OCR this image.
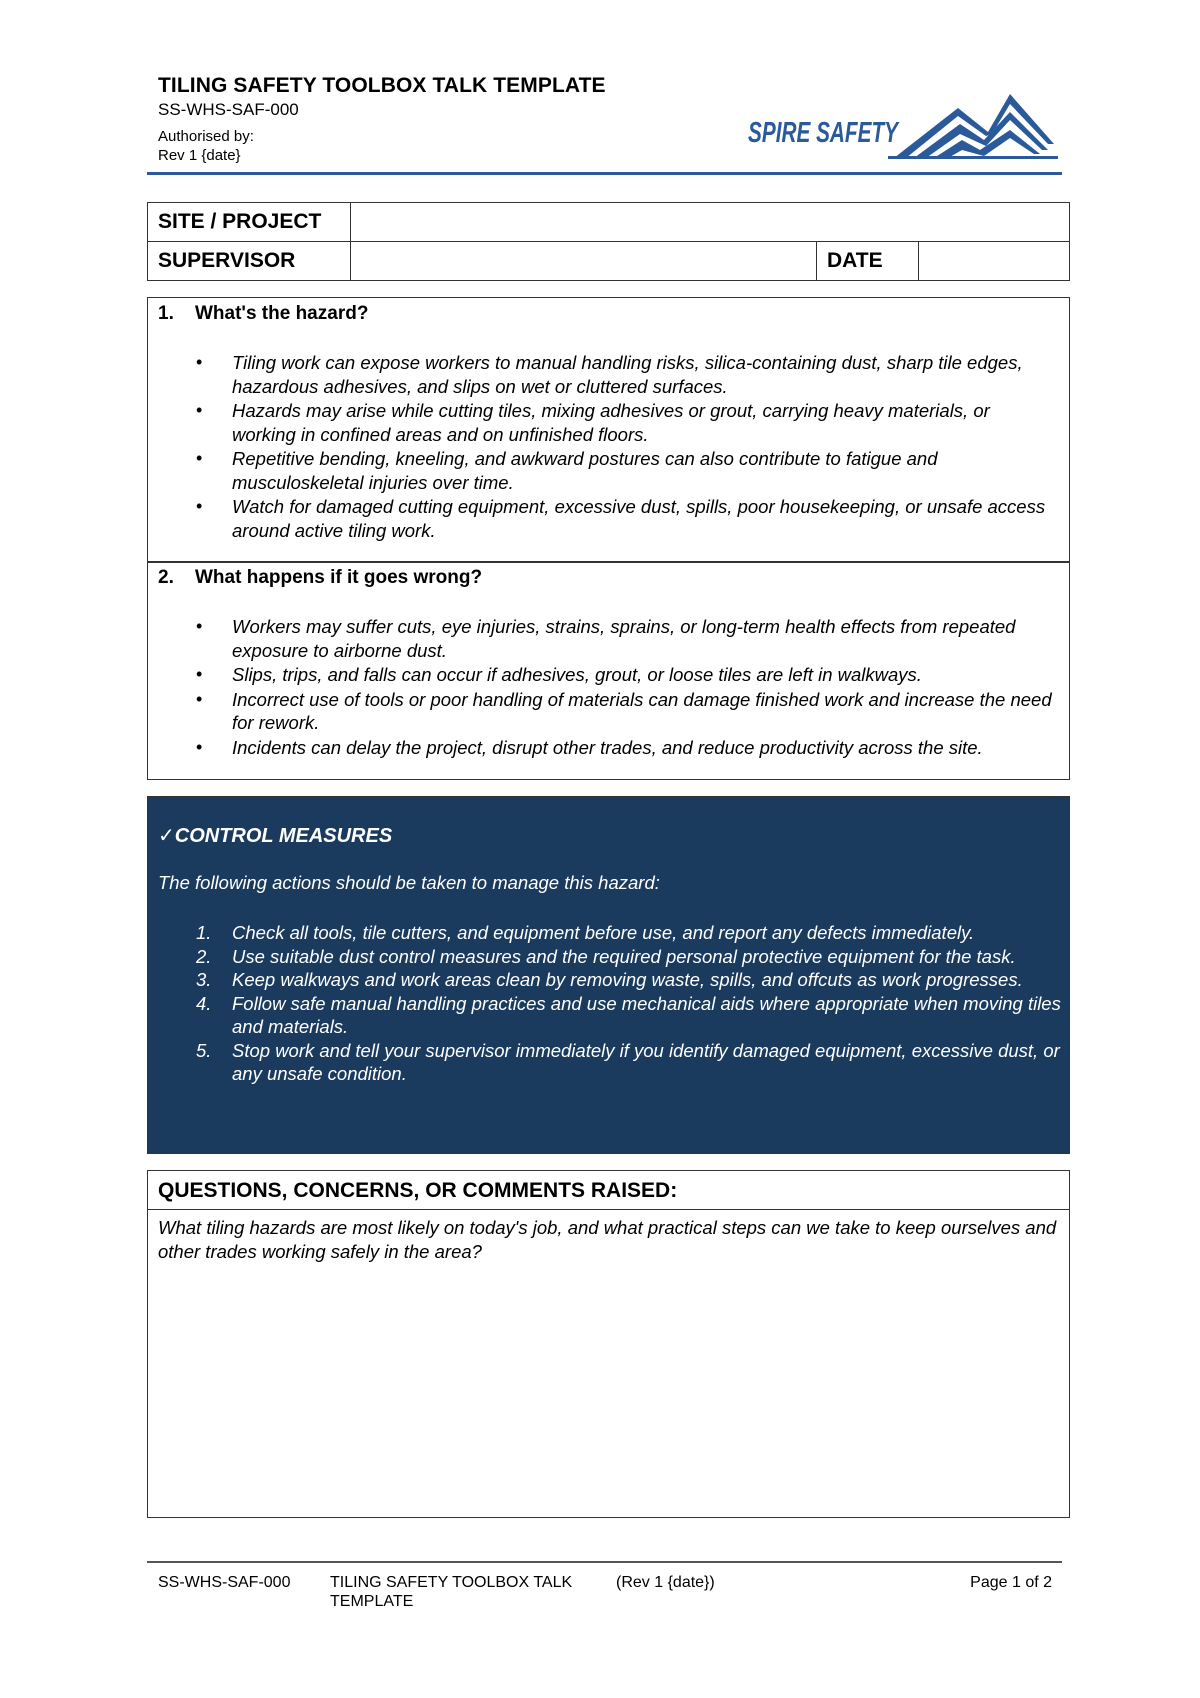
TILING SAFETY TOOLBOX TALK TEMPLATE
SS-WHS-SAF-000
Authorised by:
Rev 1 {date}
SPIRE SAFETY
SITE / PROJECT			
SUPERVISOR		DATE	
1. What's the hazard?
• Tiling work can expose workers to manual handling risks, silica-containing dust, sharp tile edges, hazardous adhesives, and slips on wet or cluttered surfaces.
• Hazards may arise while cutting tiles, mixing adhesives or grout, carrying heavy materials, or working in confined areas and on unfinished floors.
• Repetitive bending, kneeling, and awkward postures can also contribute to fatigue and musculoskeletal injuries over time.
• Watch for damaged cutting equipment, excessive dust, spills, poor housekeeping, or unsafe access around active tiling work.
2. What happens if it goes wrong?
• Workers may suffer cuts, eye injuries, strains, sprains, or long-term health effects from repeated exposure to airborne dust.
• Slips, trips, and falls can occur if adhesives, grout, or loose tiles are left in walkways.
• Incorrect use of tools or poor handling of materials can damage finished work and increase the need for rework.
• Incidents can delay the project, disrupt other trades, and reduce productivity across the site.
✓CONTROL MEASURES
The following actions should be taken to manage this hazard:
1. Check all tools, tile cutters, and equipment before use, and report any defects immediately.
2. Use suitable dust control measures and the required personal protective equipment for the task.
3. Keep walkways and work areas clean by removing waste, spills, and offcuts as work progresses.
4. Follow safe manual handling practices and use mechanical aids where appropriate when moving tiles and materials.
5. Stop work and tell your supervisor immediately if you identify damaged equipment, excessive dust, or any unsafe condition.
QUESTIONS, CONCERNS, OR COMMENTS RAISED:
What tiling hazards are most likely on today's job, and what practical steps can we take to keep ourselves and other trades working safely in the area?
SS-WHS-SAF-000 TILING SAFETY TOOLBOX TALK TEMPLATE
(Rev 1 {date})	Page 1 of 2
